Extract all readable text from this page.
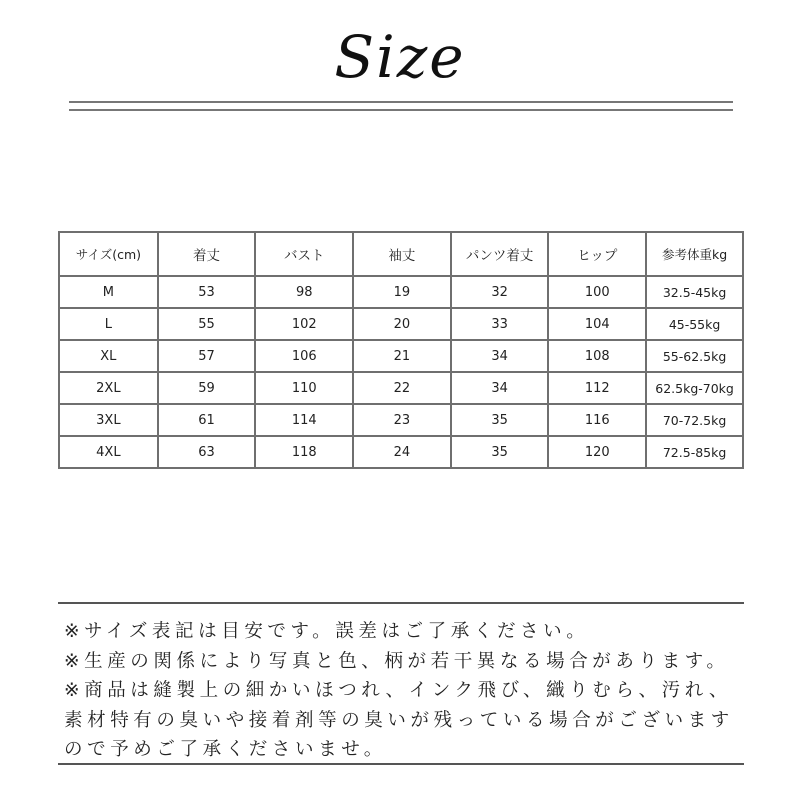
Size
サイズ(cm)	着丈	バスト	袖丈	パンツ着丈	ヒップ	参考体重kg
M	53	98	19	32	100	32.5-45kg
L	55	102	20	33	104	45-55kg
XL	57	106	21	34	108	55-62.5kg
2XL	59	110	22	34	112	62.5kg-70kg
3XL	61	114	23	35	116	70-72.5kg
4XL	63	118	24	35	120	72.5-85kg
※サイズ表記は目安です。誤差はご了承ください。
※生産の関係により写真と色、柄が若干異なる場合があります。
※商品は縫製上の細かいほつれ、インク飛び、織りむら、汚れ、
素材特有の臭いや接着剤等の臭いが残っている場合がございます
ので予めご了承くださいませ。
